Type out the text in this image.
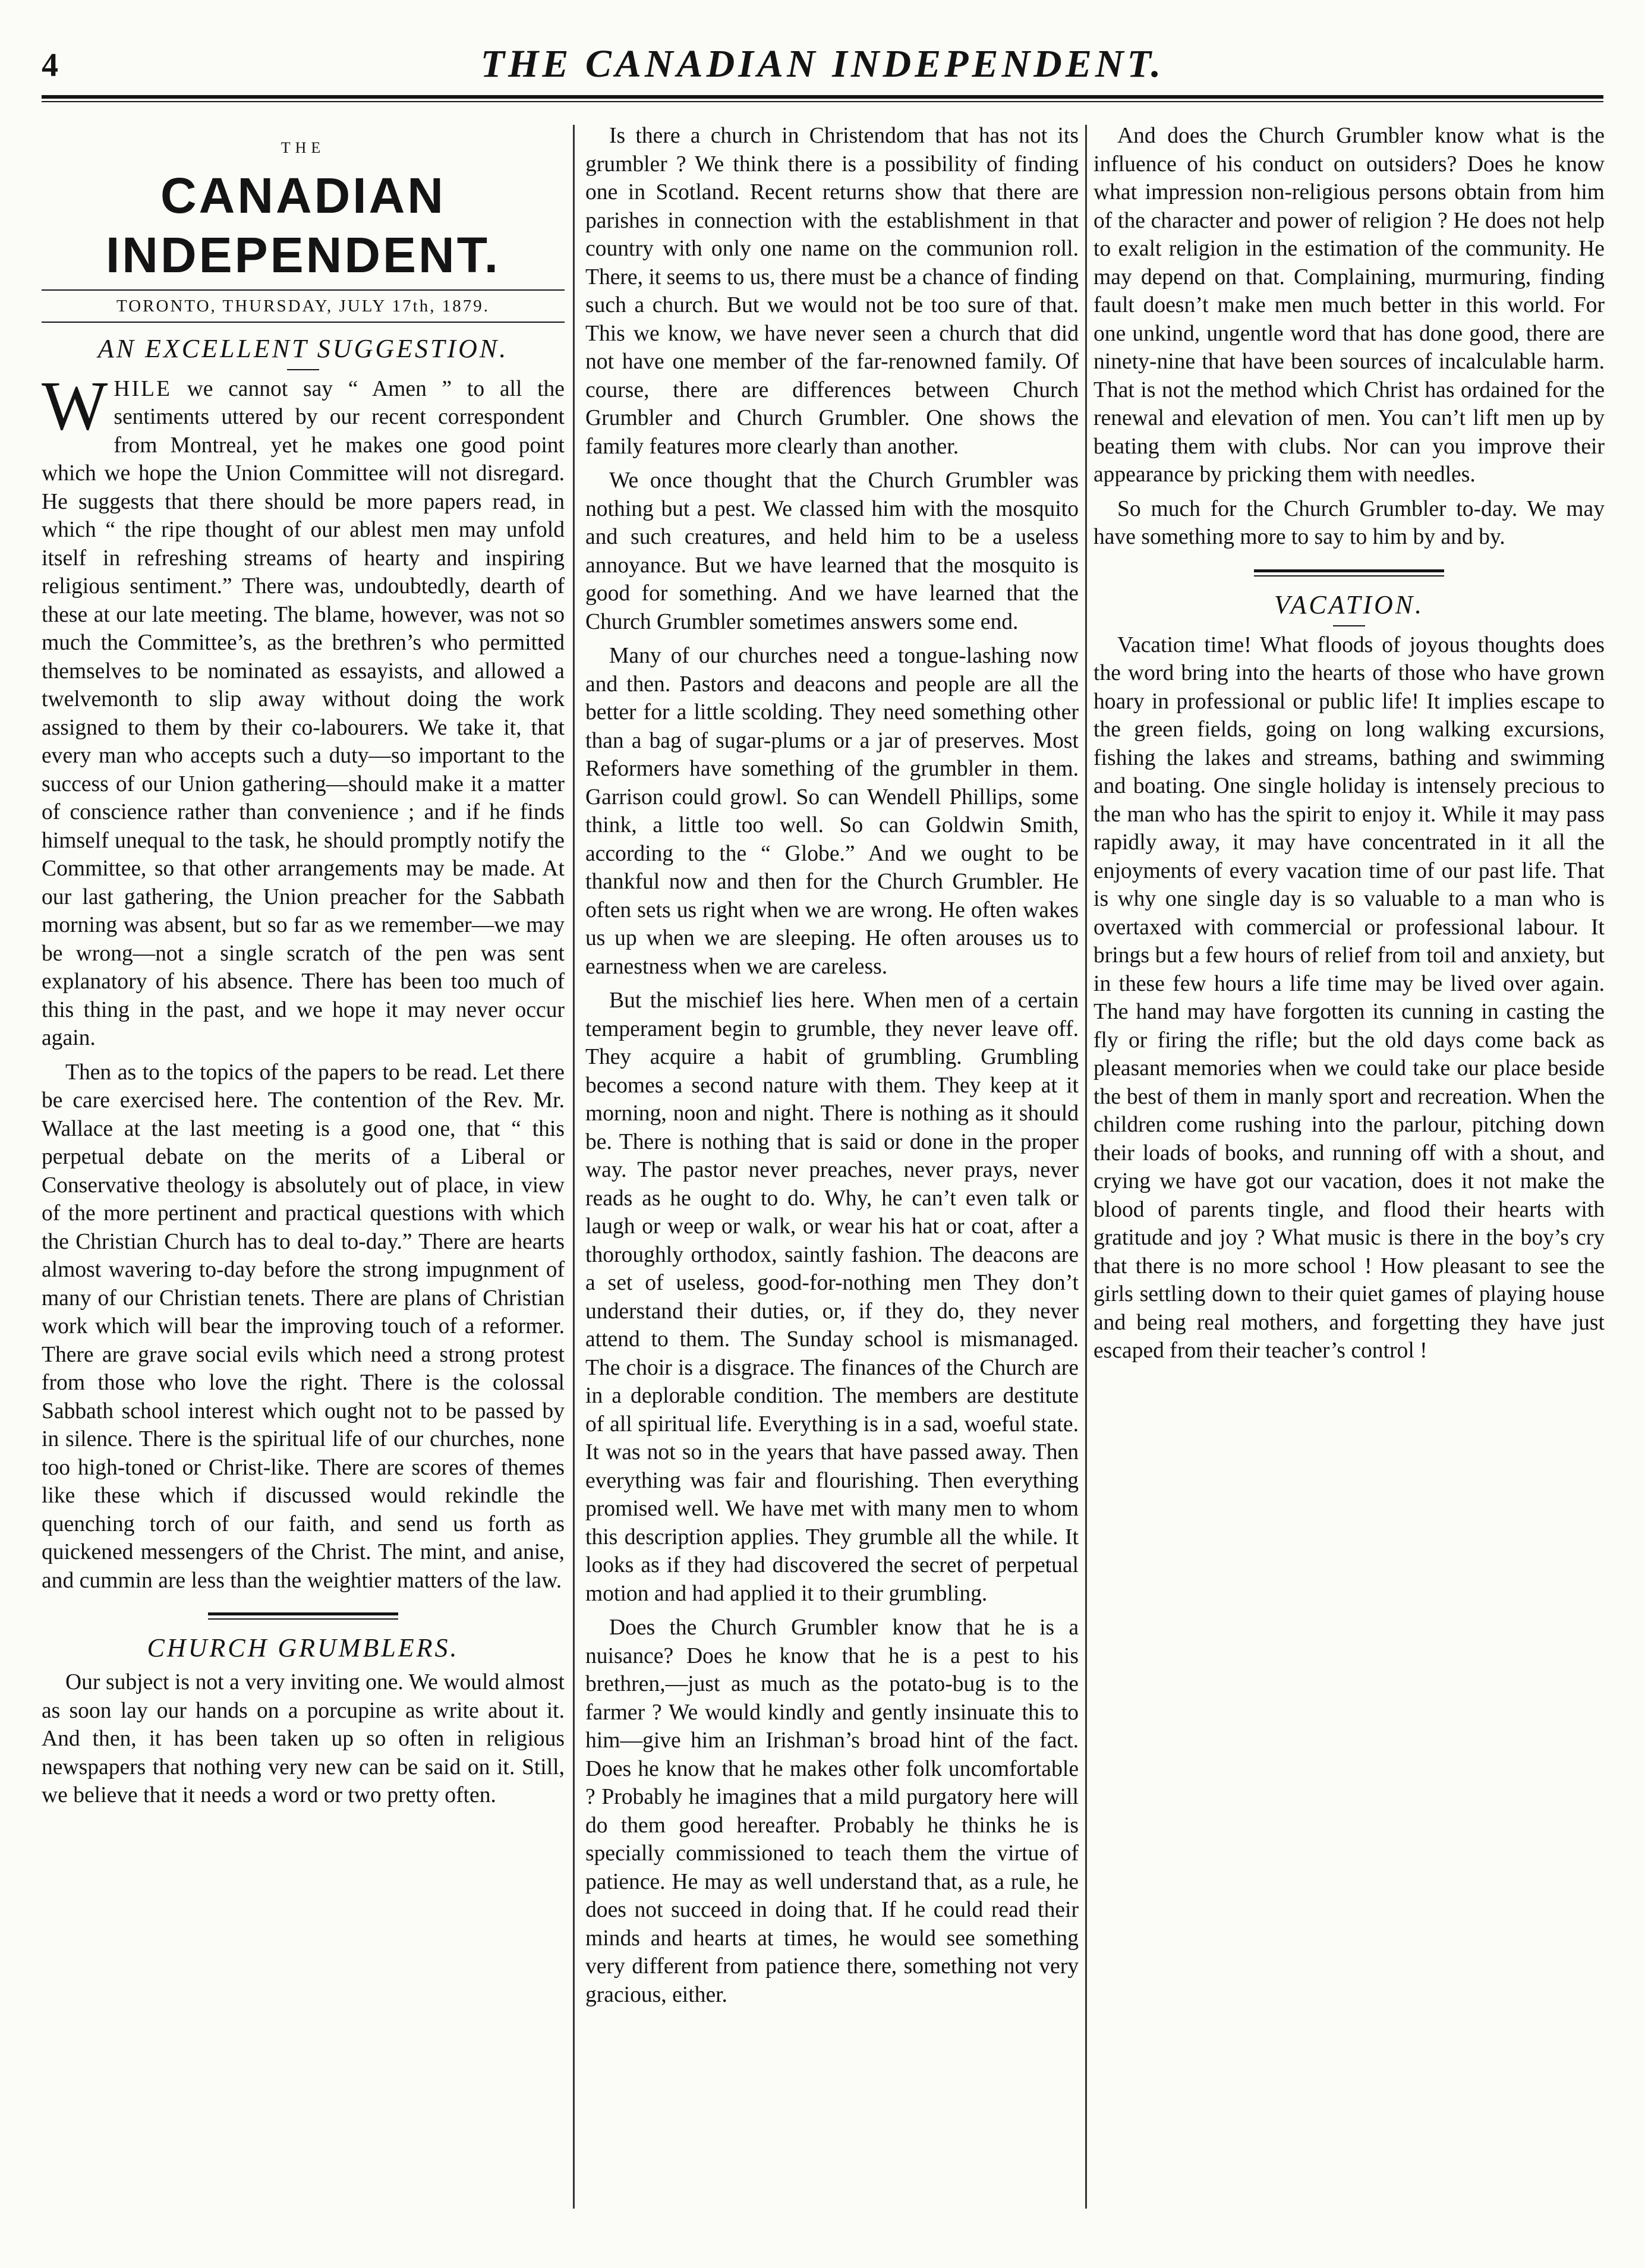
4	THE CANADIAN INDEPENDENT.
THE
CANADIAN INDEPENDENT.
TORONTO, THURSDAY, JULY 17th, 1879.
AN EXCELLENT SUGGESTION.

WHILE we cannot say “ Amen ” to all the sentiments uttered by our recent correspondent from Montreal, yet he makes one good point which we hope the Union Committee will not disregard. He suggests that there should be more papers read, in which “ the ripe thought of our ablest men may unfold itself in refreshing streams of hearty and inspiring religious sentiment.” There was, undoubtedly, dearth of these at our late meeting. The blame, however, was not so much the Committee’s, as the brethren’s who permitted themselves to be nominated as essayists, and allowed a twelvemonth to slip away without doing the work assigned to them by their co-labourers. We take it, that every man who accepts such a duty—so important to the success of our Union gathering—should make it a matter of conscience rather than convenience ; and if he finds himself unequal to the task, he should promptly notify the Committee, so that other arrangements may be made. At our last gathering, the Union preacher for the Sabbath morning was absent, but so far as we remember—we may be wrong—not a single scratch of the pen was sent explanatory of his absence. There has been too much of this thing in the past, and we hope it may never occur again.

Then as to the topics of the papers to be read. Let there be care exercised here. The contention of the Rev. Mr. Wallace at the last meeting is a good one, that “ this perpetual debate on the merits of a Liberal or Conservative theology is absolutely out of place, in view of the more pertinent and practical questions with which the Christian Church has to deal to-day.” There are hearts almost wavering to-day before the strong impugnment of many of our Christian tenets. There are plans of Christian work which will bear the improving touch of a reformer. There are grave social evils which need a strong protest from those who love the right. There is the colossal Sabbath school interest which ought not to be passed by in silence. There is the spiritual life of our churches, none too high-toned or Christ-like. There are scores of themes like these which if discussed would rekindle the quenching torch of our faith, and send us forth as quickened messengers of the Christ. The mint, and anise, and cummin are less than the weightier matters of the law.

CHURCH GRUMBLERS.

Our subject is not a very inviting one. We would almost as soon lay our hands on a porcupine as write about it. And then, it has been taken up so often in religious newspapers that nothing very new can be said on it. Still, we believe that it needs a word or two pretty often.

Is there a church in Christendom that has not its grumbler ? We think there is a possibility of finding one in Scotland. Recent returns show that there are parishes in connection with the establishment in that country with only one name on the communion roll. There, it seems to us, there must be a chance of finding such a church. But we would not be too sure of that. This we know, we have never seen a church that did not have one member of the far-renowned family. Of course, there are differences between Church Grumbler and Church Grumbler. One shows the family features more clearly than another.

We once thought that the Church Grumbler was nothing but a pest. We classed him with the mosquito and such creatures, and held him to be a useless annoyance. But we have learned that the mosquito is good for something. And we have learned that the Church Grumbler sometimes answers some end.

Many of our churches need a tongue-lashing now and then. Pastors and deacons and people are all the better for a little scolding. They need something other than a bag of sugar-plums or a jar of preserves. Most Reformers have something of the grumbler in them. Garrison could growl. So can Wendell Phillips, some think, a little too well. So can Goldwin Smith, according to the “ Globe.” And we ought to be thankful now and then for the Church Grumbler. He often sets us right when we are wrong. He often wakes us up when we are sleeping. He often arouses us to earnestness when we are careless.

But the mischief lies here. When men of a certain temperament begin to grumble, they never leave off. They acquire a habit of grumbling. Grumbling becomes a second nature with them. They keep at it morning, noon and night. There is nothing as it should be. There is nothing that is said or done in the proper way. The pastor never preaches, never prays, never reads as he ought to do. Why, he can’t even talk or laugh or weep or walk, or wear his hat or coat, after a thoroughly orthodox, saintly fashion. The deacons are a set of useless, good-for-nothing men They don’t understand their duties, or, if they do, they never attend to them. The Sunday school is mismanaged. The choir is a disgrace. The finances of the Church are in a deplorable condition. The members are destitute of all spiritual life. Everything is in a sad, woeful state. It was not so in the years that have passed away. Then everything was fair and flourishing. Then everything promised well. We have met with many men to whom this description applies. They grumble all the while. It looks as if they had discovered the secret of perpetual motion and had applied it to their grumbling.

Does the Church Grumbler know that he is a nuisance? Does he know that he is a pest to his brethren,—just as much as the potato-bug is to the farmer ? We would kindly and gently insinuate this to him—give him an Irishman’s broad hint of the fact. Does he know that he makes other folk uncomfortable ? Probably he imagines that a mild purgatory here will do them good hereafter. Probably he thinks he is specially commissioned to teach them the virtue of patience. He may as well understand that, as a rule, he does not succeed in doing that. If he could read their minds and hearts at times, he would see something very different from patience there, something not very gracious, either.

And does the Church Grumbler know what is the influence of his conduct on outsiders? Does he know what impression non-religious persons obtain from him of the character and power of religion ? He does not help to exalt religion in the estimation of the community. He may depend on that. Complaining, murmuring, finding fault doesn’t make men much better in this world. For one unkind, ungentle word that has done good, there are ninety-nine that have been sources of incalculable harm. That is not the method which Christ has ordained for the renewal and elevation of men. You can’t lift men up by beating them with clubs. Nor can you improve their appearance by pricking them with needles.

So much for the Church Grumbler to-day. We may have something more to say to him by and by.

VACATION.

Vacation time! What floods of joyous thoughts does the word bring into the hearts of those who have grown hoary in professional or public life! It implies escape to the green fields, going on long walking excursions, fishing the lakes and streams, bathing and swimming and boating. One single holiday is intensely precious to the man who has the spirit to enjoy it. While it may pass rapidly away, it may have concentrated in it all the enjoyments of every vacation time of our past life. That is why one single day is so valuable to a man who is overtaxed with commercial or professional labour. It brings but a few hours of relief from toil and anxiety, but in these few hours a life time may be lived over again. The hand may have forgotten its cunning in casting the fly or firing the rifle; but the old days come back as pleasant memories when we could take our place beside the best of them in manly sport and recreation. When the children come rushing into the parlour, pitching down their loads of books, and running off with a shout, and crying we have got our vacation, does it not make the blood of parents tingle, and flood their hearts with gratitude and joy ? What music is there in the boy’s cry that there is no more school ! How pleasant to see the girls settling down to their quiet games of playing house and being real mothers, and forgetting they have just escaped from their teacher’s control !
